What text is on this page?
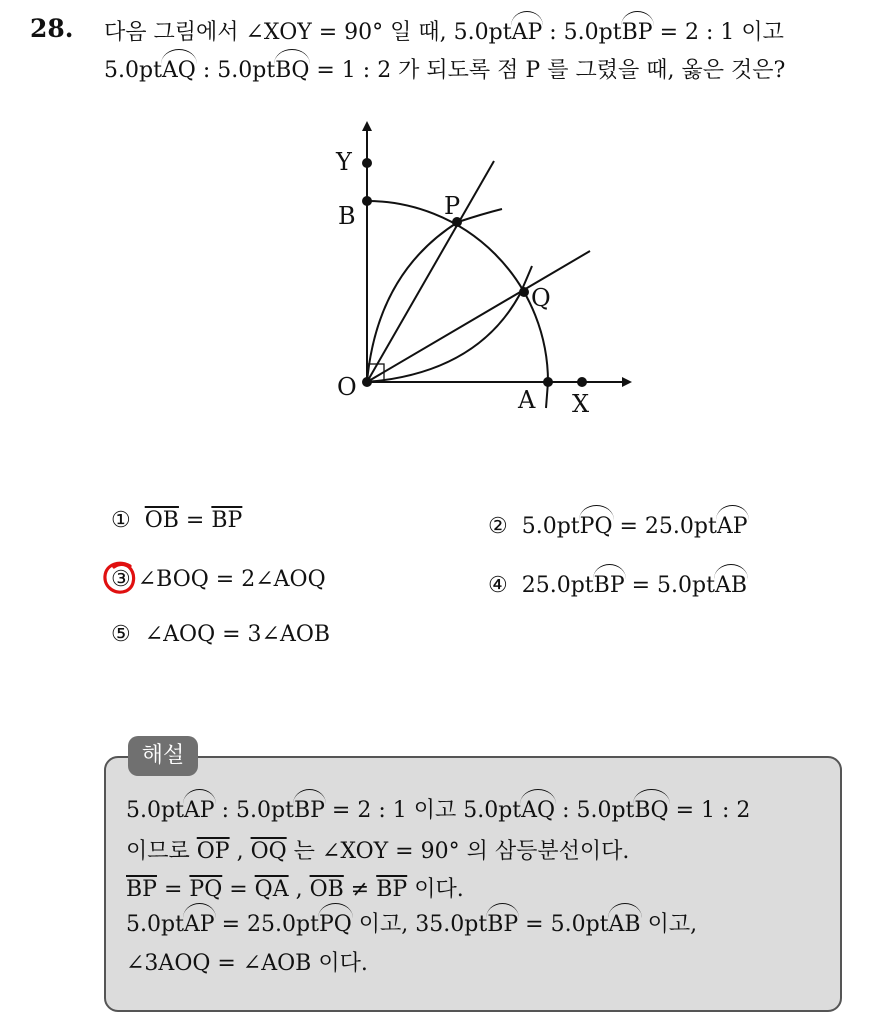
28. 다음 그림에서 ∠XOY = 90° 일 때, 5.0ptAP : 5.0ptBP = 2 : 1 이고
5.0ptAQ : 5.0ptBQ = 1 : 2 가 되도록 점 P 를 그렸을 때, 옳은 것은?
Y
B	P
Q
O	A X
① $\overline{OB} = \overline{BP}$	② 5.0ptPQ = 25.0ptAP
③ ∠BOQ = 2∠AOQ	④ 25.0ptBP = 5.0ptAB
⑤ ∠AOQ = 3∠AOB
해설
5.0ptAP : 5.0ptBP = 2 : 1 이고 5.0ptAQ : 5.0ptBQ = 1 : 2
이므로 $\overline{OP}$ , $\overline{OQ}$ 는 ∠XOY = 90° 의 삼등분선이다.
$\overline{BP} = \overline{PQ} = \overline{QA}$ , $\overline{OB} \ne \overline{BP}$ 이다.
5.0ptAP = 25.0ptPQ 이고, 35.0ptBP = 5.0ptAB 이고,
∠3AOQ = ∠AOB 이다.
